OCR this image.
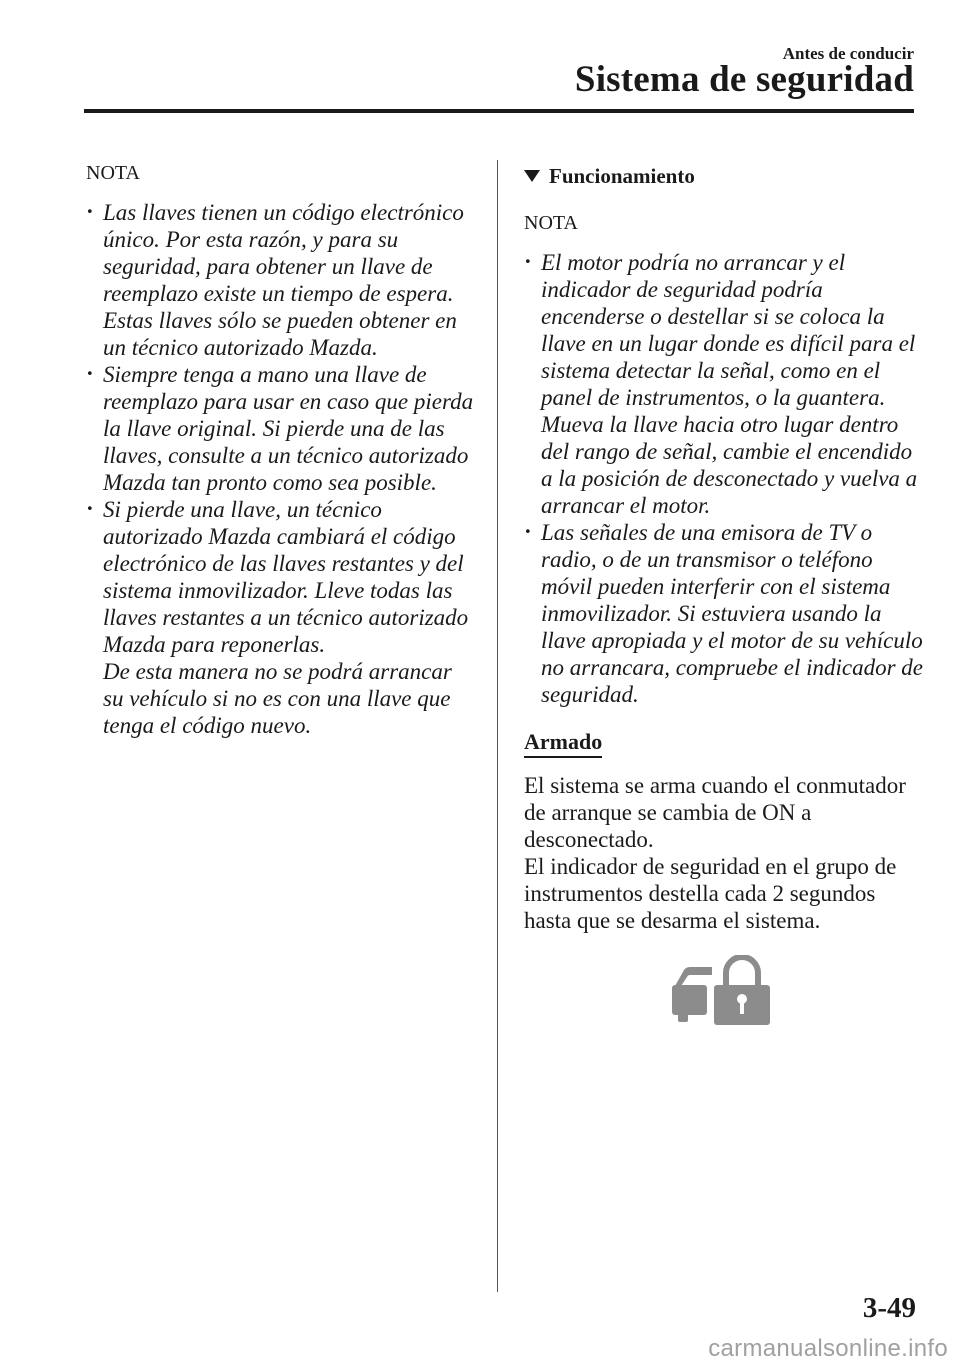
Antes de conducir
Sistema de seguridad
NOTA
· Las llaves tienen un código electrónico único. Por esta razón, y para su seguridad, para obtener un llave de reemplazo existe un tiempo de espera. Estas llaves sólo se pueden obtener en un técnico autorizado Mazda.
· Siempre tenga a mano una llave de reemplazo para usar en caso que pierda la llave original. Si pierde una de las llaves, consulte a un técnico autorizado Mazda tan pronto como sea posible.
· Si pierde una llave, un técnico autorizado Mazda cambiará el código electrónico de las llaves restantes y del sistema inmovilizador. Lleve todas las llaves restantes a un técnico autorizado Mazda para reponerlas.
De esta manera no se podrá arrancar su vehículo si no es con una llave que tenga el código nuevo.
Funcionamiento
NOTA
· El motor podría no arrancar y el indicador de seguridad podría encenderse o destellar si se coloca la llave en un lugar donde es difícil para el sistema detectar la señal, como en el panel de instrumentos, o la guantera. Mueva la llave hacia otro lugar dentro del rango de señal, cambie el encendido a la posición de desconectado y vuelva a arrancar el motor.
· Las señales de una emisora de TV o radio, o de un transmisor o teléfono móvil pueden interferir con el sistema inmovilizador. Si estuviera usando la llave apropiada y el motor de su vehículo no arrancara, compruebe el indicador de seguridad.
Armado

El sistema se arma cuando el conmutador de arranque se cambia de ON a desconectado.

El indicador de seguridad en el grupo de instrumentos destella cada 2 segundos hasta que se desarma el sistema.

3-49
carmanualsonline.info
